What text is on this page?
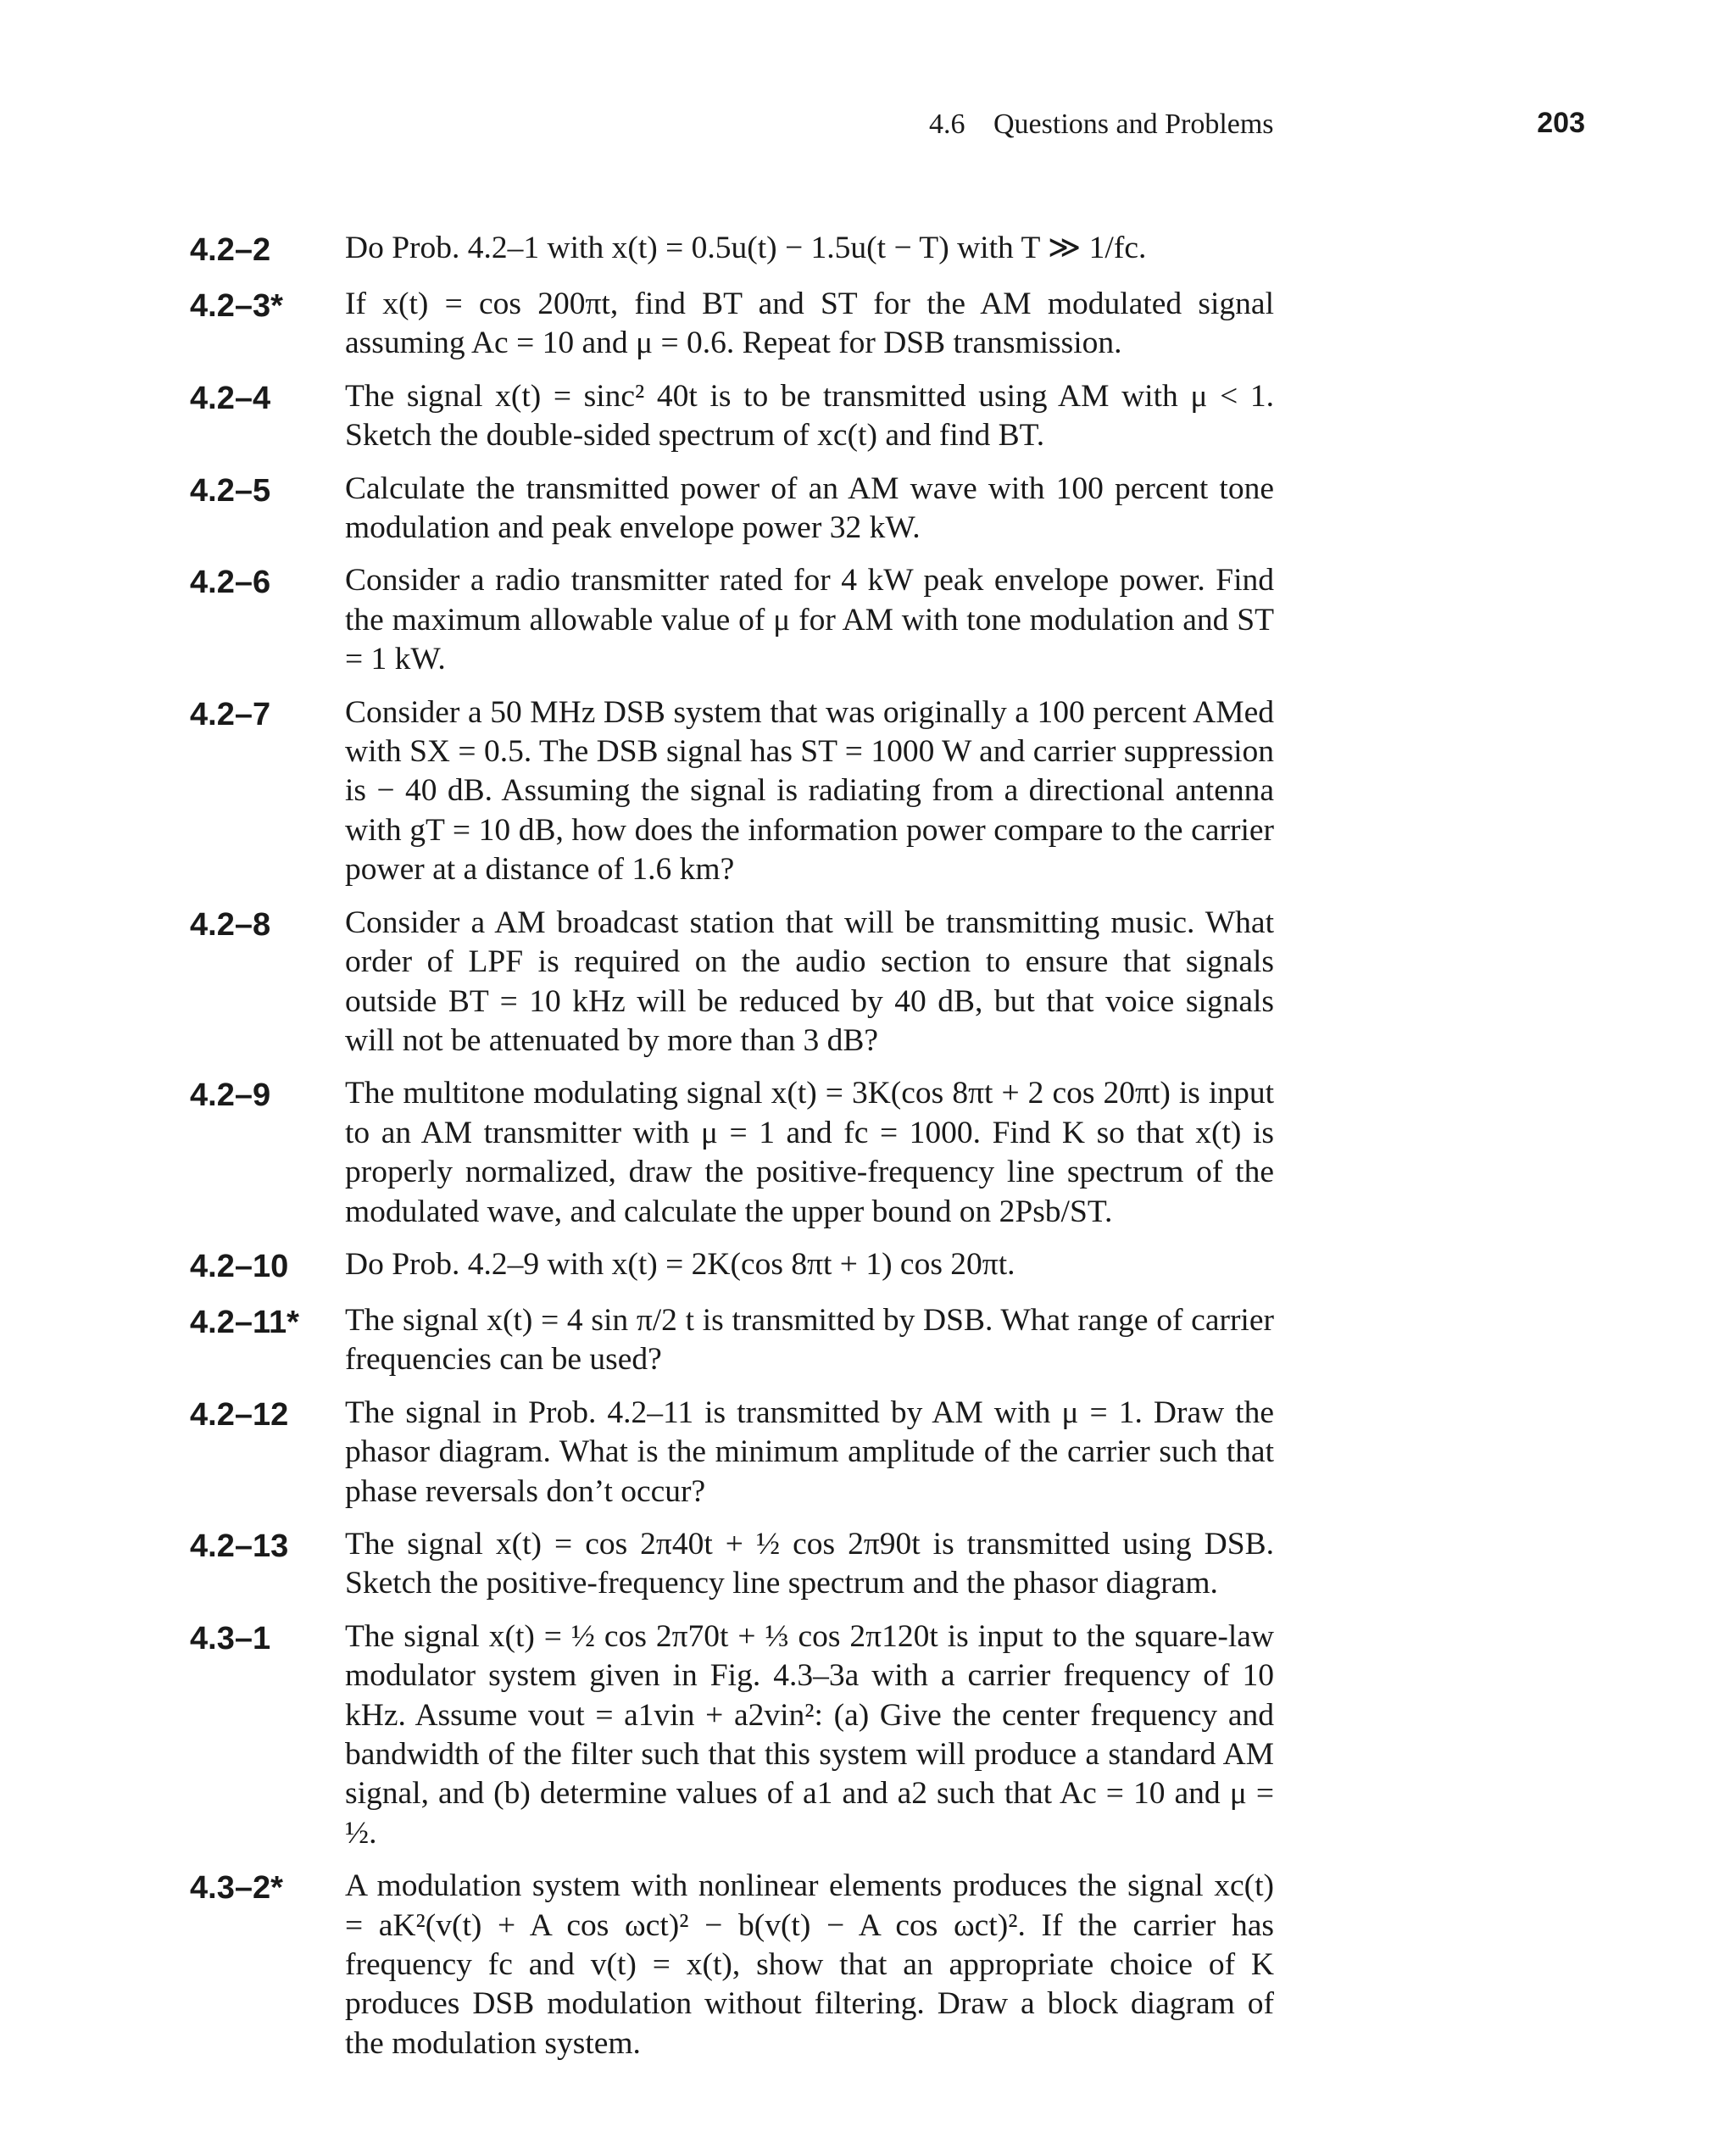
4.6 Questions and Problems	203
4.2–2 Do Prob. 4.2–1 with x(t) = 0.5u(t) − 1.5u(t − T) with T ≫ 1/fc.
4.2–3* If x(t) = cos 200πt, find BT and ST for the AM modulated signal assuming Ac = 10 and μ = 0.6. Repeat for DSB transmission.
4.2–4 The signal x(t) = sinc² 40t is to be transmitted using AM with μ < 1. Sketch the double-sided spectrum of xc(t) and find BT.
4.2–5 Calculate the transmitted power of an AM wave with 100 percent tone modulation and peak envelope power 32 kW.
4.2–6 Consider a radio transmitter rated for 4 kW peak envelope power. Find the maximum allowable value of μ for AM with tone modulation and ST = 1 kW.
4.2–7 Consider a 50 MHz DSB system that was originally a 100 percent AMed with SX = 0.5. The DSB signal has ST = 1000 W and carrier suppression is − 40 dB. Assuming the signal is radiating from a directional antenna with gT = 10 dB, how does the information power compare to the carrier power at a distance of 1.6 km?
4.2–8 Consider a AM broadcast station that will be transmitting music. What order of LPF is required on the audio section to ensure that signals outside BT = 10 kHz will be reduced by 40 dB, but that voice signals will not be attenuated by more than 3 dB?
4.2–9 The multitone modulating signal x(t) = 3K(cos 8πt + 2 cos 20πt) is input to an AM transmitter with μ = 1 and fc = 1000. Find K so that x(t) is properly normalized, draw the positive-frequency line spectrum of the modulated wave, and calculate the upper bound on 2Psb/ST.
4.2–10 Do Prob. 4.2–9 with x(t) = 2K(cos 8πt + 1) cos 20πt.
4.2–11* The signal x(t) = 4 sin π/2 t is transmitted by DSB. What range of carrier frequencies can be used?
4.2–12 The signal in Prob. 4.2–11 is transmitted by AM with μ = 1. Draw the phasor diagram. What is the minimum amplitude of the carrier such that phase reversals don’t occur?
4.2–13 The signal x(t) = cos 2π40t + ½ cos 2π90t is transmitted using DSB. Sketch the positive-frequency line spectrum and the phasor diagram.
4.3–1 The signal x(t) = ½ cos 2π70t + ⅓ cos 2π120t is input to the square-law modulator system given in Fig. 4.3–3a with a carrier frequency of 10 kHz. Assume vout = a1vin + a2vin²: (a) Give the center frequency and bandwidth of the filter such that this system will produce a standard AM signal, and (b) determine values of a1 and a2 such that Ac = 10 and μ = ½.
4.3–2* A modulation system with nonlinear elements produces the signal xc(t) = aK²(v(t) + A cos ωct)² − b(v(t) − A cos ωct)². If the carrier has frequency fc and v(t) = x(t), show that an appropriate choice of K produces DSB modulation without filtering. Draw a block diagram of the modulation system.
